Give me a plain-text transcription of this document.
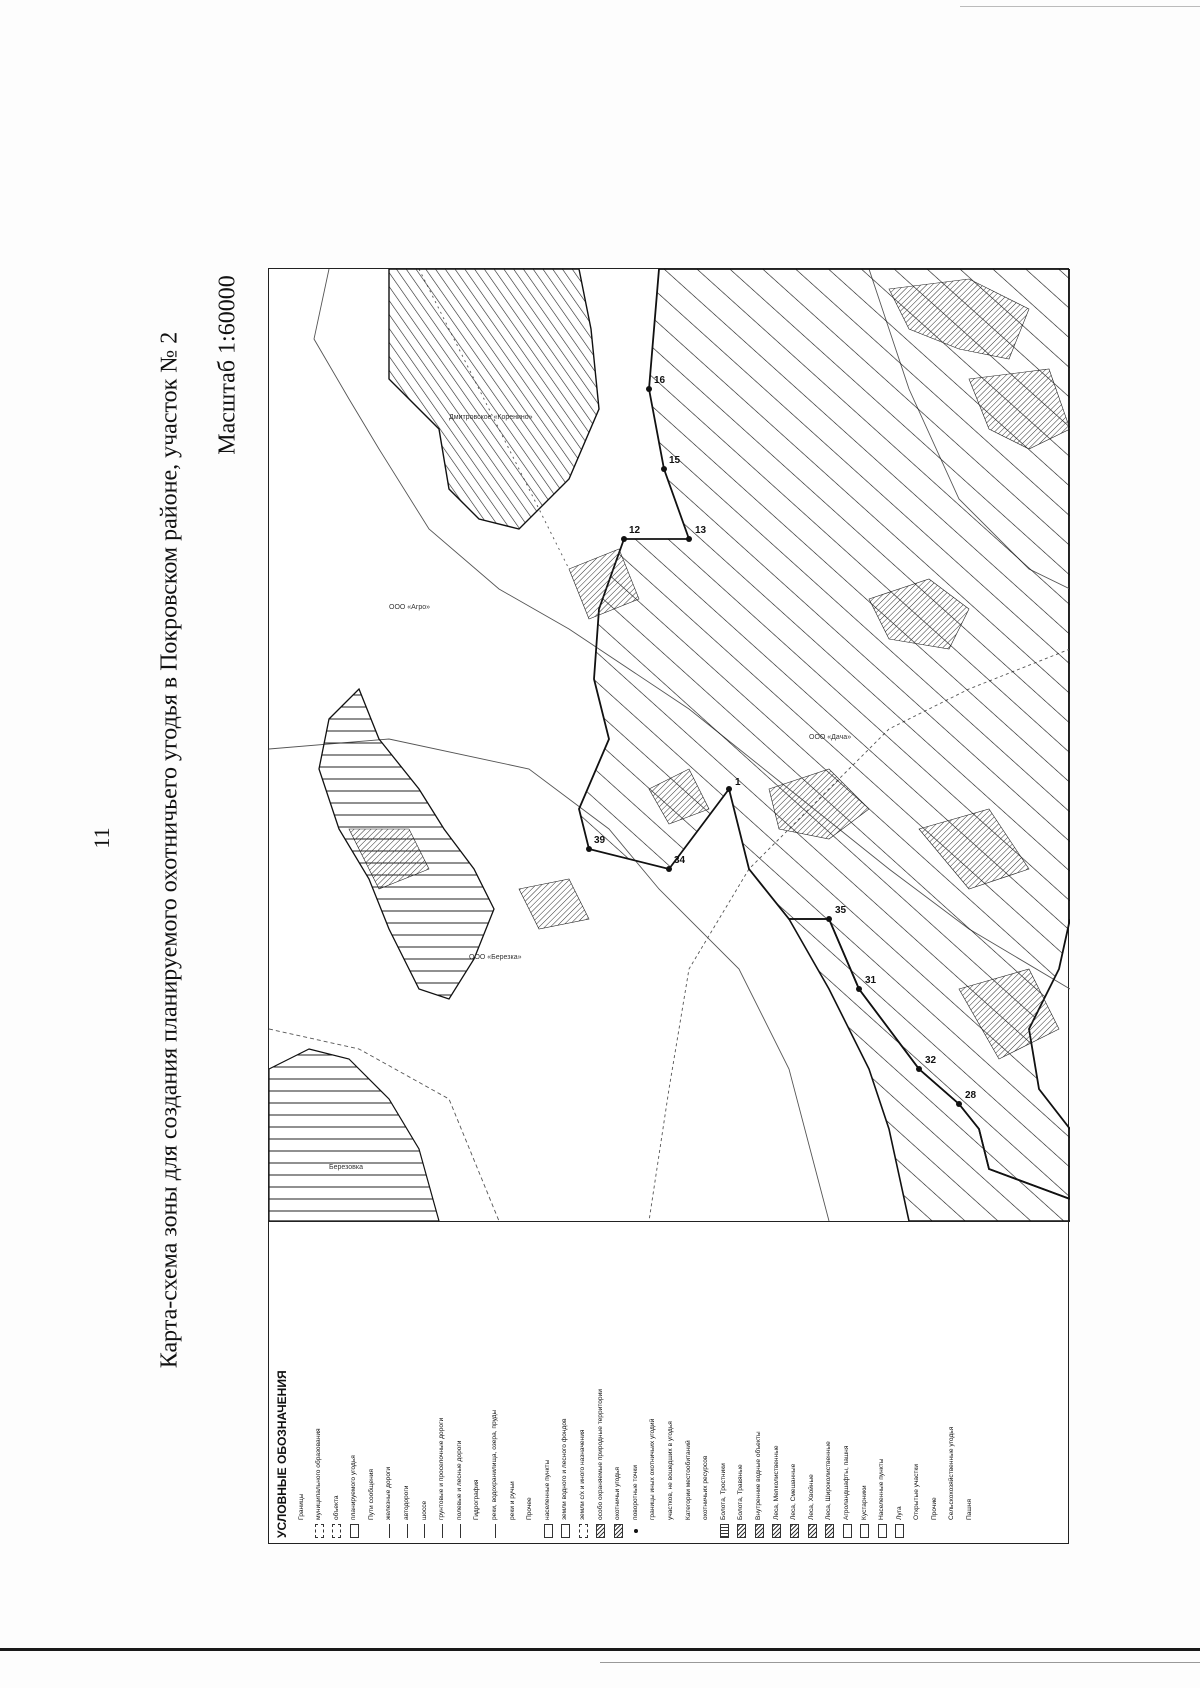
11 Карта-схема зоны для создания планируемого охотничьего угодья в Покровском районе, участок № 2 Масштаб 1:60000
39
34
1
12	13
35
31
32
28
15
16
ООО «Дача»
ООО «Березка»
Дмитровское «Коренино»
ООО «Агро»
Березовка
УСЛОВНЫЕ ОБОЗНАЧЕНИЯ Границы муниципального образования объекта планируемого угодья Пути сообщения железные дороги автодороги шоссе грунтовые и проселочные дороги полевые и лесные дороги Гидрография реки, водохранилища, озера, пруды реки и ручьи Прочее населенные пункты земли водного и лесного фондов земли с/х и иного назначения особо охраняемые природные территории охотничьи угодья поворотные точки границы иных охотничьих угодий участков, не вошедших в угодья Категории местообитаний охотничьих ресурсов Болота, Тростники Болота, Травяные Внутренние водные объекты Леса, Мелколиственные Леса, Смешанные Леса, Хвойные Леса, Широколиственные Агроландшафты, пашня Кустарники Населенные пункты Луга Открытые участки Прочие Сельскохозяйственные угодья Пашня
